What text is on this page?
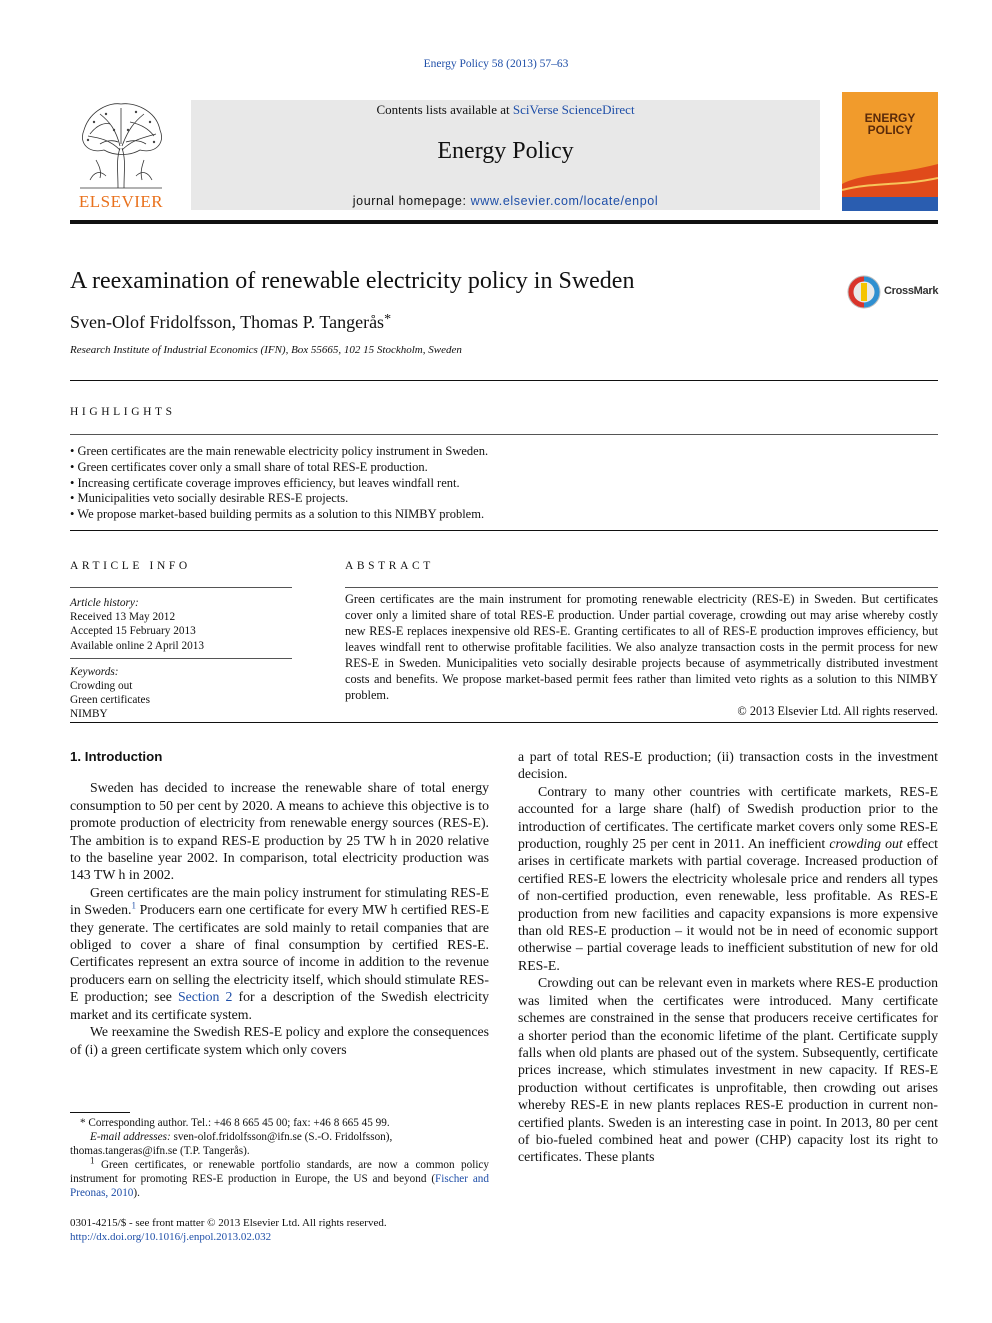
Energy Policy 58 (2013) 57–63
ELSEVIER
Contents lists available at SciVerse ScienceDirect
Energy Policy
journal homepage: www.elsevier.com/locate/enpol
ENERGY
POLICY
A reexamination of renewable electricity policy in Sweden	CrossMark
Sven-Olof Fridolfsson, Thomas P. Tangerås*
Research Institute of Industrial Economics (IFN), Box 55665, 102 15 Stockholm, Sweden
HIGHLIGHTS
• Green certificates are the main renewable electricity policy instrument in Sweden.
• Green certificates cover only a small share of total RES-E production.
• Increasing certificate coverage improves efficiency, but leaves windfall rent.
• Municipalities veto socially desirable RES-E projects.
• We propose market-based building permits as a solution to this NIMBY problem.
ARTICLE INFO
Article history:
Received 13 May 2012
Accepted 15 February 2013
Available online 2 April 2013
Keywords:
Crowding out
Green certificates
NIMBY
ABSTRACT
Green certificates are the main instrument for promoting renewable electricity (RES-E) in Sweden. But certificates cover only a limited share of total RES-E production. Under partial coverage, crowding out may arise whereby costly new RES-E replaces inexpensive old RES-E. Granting certificates to all of RES-E production improves efficiency, but leaves windfall rent to otherwise profitable facilities. We also analyze transaction costs in the permit process for new RES-E in Sweden. Municipalities veto socially desirable projects because of asymmetrically distributed investment costs and benefits. We propose market-based permit fees rather than limited veto rights as a solution to this NIMBY problem.
© 2013 Elsevier Ltd. All rights reserved.
1. Introduction

Sweden has decided to increase the renewable share of total energy consumption to 50 per cent by 2020. A means to achieve this objective is to promote production of electricity from renewable energy sources (RES-E). The ambition is to expand RES-E production by 25 TW h in 2020 relative to the baseline year 2002. In comparison, total electricity production was 143 TW h in 2002.

Green certificates are the main policy instrument for stimulating RES-E in Sweden.$^1$ Producers earn one certificate for every MW h certified RES-E they generate. The certificates are sold mainly to retail companies that are obliged to cover a share of final consumption by certified RES-E. Certificates represent an extra source of income in addition to the revenue producers earn on selling the electricity itself, which should stimulate RES-E production; see Section 2 for a description of the Swedish electricity market and its certificate system.

We reexamine the Swedish RES-E policy and explore the consequences of (i) a green certificate system which only covers

a part of total RES-E production; (ii) transaction costs in the investment decision.

Contrary to many other countries with certificate markets, RES-E accounted for a large share (half) of Swedish production prior to the introduction of certificates. The certificate market covers only some RES-E production, roughly 25 per cent in 2011. An inefficient crowding out effect arises in certificate markets with partial coverage. Increased production of certified RES-E lowers the electricity wholesale price and renders all types of non-certified production, even renewable, less profitable. As RES-E production from new facilities and capacity expansions is more expensive than old RES-E production – it would not be in need of economic support otherwise – partial coverage leads to inefficient substitution of new for old RES-E.

Crowding out can be relevant even in markets where RES-E production was limited when the certificates were introduced. Many certificate schemes are constrained in the sense that producers receive certificates for a shorter period than the economic lifetime of the plant. Certificate supply falls when old plants are phased out of the system. Subsequently, certificate prices increase, which stimulates investment in new capacity. If RES-E production without certificates is unprofitable, then crowding out arises whereby RES-E in new plants replaces RES-E production in current non-certified plants. Sweden is an interesting case in point. In 2013, 80 per cent of bio-fueled combined heat and power (CHP) capacity lost its right to certificates. These plants

* Corresponding author. Tel.: +46 8 665 45 00; fax: +46 8 665 45 99.
E-mail addresses: sven-olof.fridolfsson@ifn.se (S.-O. Fridolfsson),
thomas.tangeras@ifn.se (T.P. Tangerås).
$^1$ Green certificates, or renewable portfolio standards, are now a common policy instrument for promoting RES-E production in Europe, the US and beyond (Fischer and Preonas, 2010).
0301-4215/$ - see front matter © 2013 Elsevier Ltd. All rights reserved.
http://dx.doi.org/10.1016/j.enpol.2013.02.032
